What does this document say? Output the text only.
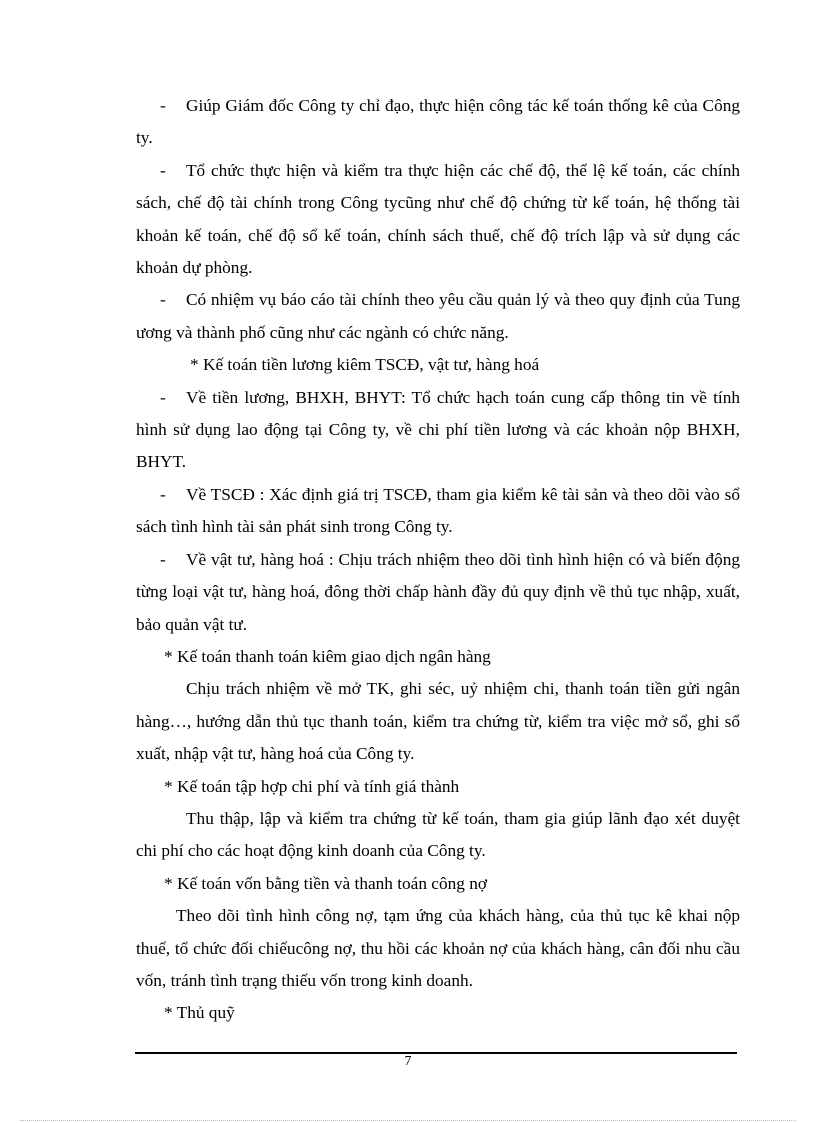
- Giúp Giám đốc Công ty chỉ đạo, thực hiện công tác kế toán thống kê của Công ty.

- Tổ chức thực hiện và kiểm tra thực hiện các chế độ, thể lệ kế toán, các chính sách, chế độ tài chính trong Công tycũng như chế độ chứng từ kế toán, hệ thống tài khoản kế toán, chế độ sổ kế toán, chính sách thuế, chế độ trích lập và sử dụng các khoản dự phòng.

- Có nhiệm vụ báo cáo tài chính theo yêu cầu quản lý và theo quy định của Tung ương và thành phố cũng như các ngành có chức năng.

* Kế toán tiền lương kiêm TSCĐ, vật tư, hàng hoá

- Về tiền lương, BHXH, BHYT: Tổ chức hạch toán cung cấp thông tin về tính hình sử dụng lao động tại Công ty, về chi phí tiền lương và các khoản nộp BHXH, BHYT.

- Về TSCĐ : Xác định giá trị TSCĐ, tham gia kiểm kê tài sản và theo dõi vào sổ sách tình hình tài sản phát sinh trong Công ty.

- Về vật tư, hàng hoá : Chịu trách nhiệm theo dõi tình hình hiện có và biến động từng loại vật tư, hàng hoá, đông thời chấp hành đầy đủ quy định về thủ tục nhập, xuất, bảo quản vật tư.

* Kế toán thanh toán kiêm giao dịch ngân hàng

Chịu trách nhiệm về mở TK, ghi séc, uỷ nhiệm chi, thanh toán tiền gửi ngân hàng…, hướng dẫn thủ tục thanh toán, kiểm tra chứng từ, kiểm tra việc mở sổ, ghi sổ xuất, nhập vật tư, hàng hoá của Công ty.

* Kế toán tập hợp chi phí và tính giá thành

Thu thập, lập và kiểm tra chứng từ kế toán, tham gia giúp lãnh đạo xét duyệt chi phí cho các hoạt động kinh doanh của Công ty.

* Kế toán vốn bằng tiền và thanh toán công nợ

Theo dõi tình hình công nợ, tạm ứng của khách hàng, của thủ tục kê khai nộp thuế, tổ chức đối chiếucông nợ, thu hồi các khoản nợ của khách hàng, cân đối nhu cầu vốn, tránh tình trạng thiếu vốn trong kinh doanh.

* Thủ quỹ

7
